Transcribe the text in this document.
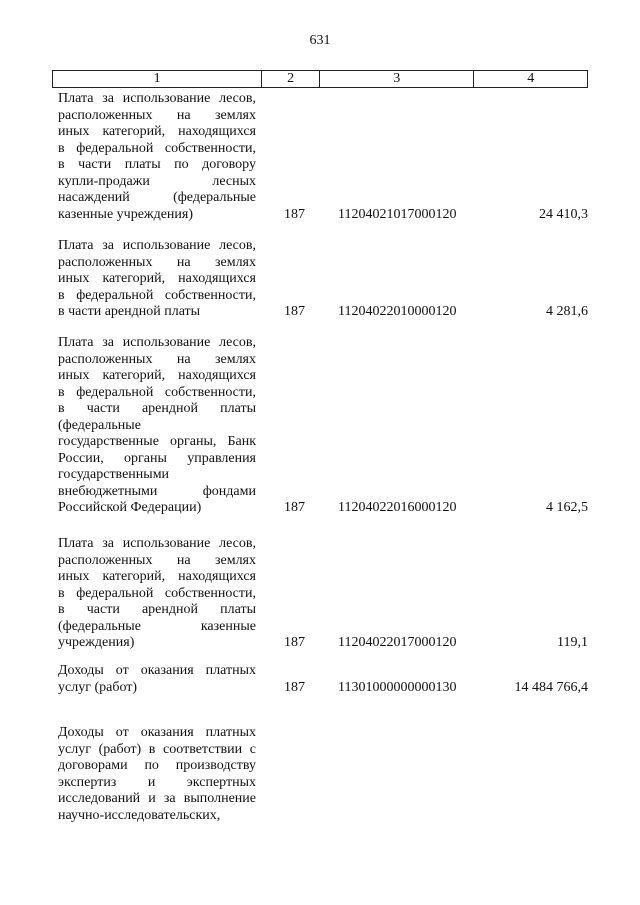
631
1	2	3	4
Плата за использование лесов,
расположенных на землях
иных категорий, находящихся
в федеральной собственности,
в части платы по договору
купли-продажи лесных
насаждений (федеральные
казенные учреждения)	187 11204021017000120	24 410,3
Плата за использование лесов,
расположенных на землях
иных категорий, находящихся
в федеральной собственности,
в части арендной платы	187 11204022010000120	4 281,6
Плата за использование лесов,
расположенных на землях
иных категорий, находящихся
в федеральной собственности,
в части арендной платы
(федеральные
государственные органы, Банк
России, органы управления
государственными
внебюджетными фондами
Российской Федерации)	187 11204022016000120	4 162,5
Плата за использование лесов,
расположенных на землях
иных категорий, находящихся
в федеральной собственности,
в части арендной платы
(федеральные казенные
учреждения)	187 11204022017000120	119,1
Доходы от оказания платных
услуг (работ)	187 11301000000000130	14 484 766,4
Доходы от оказания платных
услуг (работ) в соответствии с
договорами по производству
экспертиз и экспертных
исследований и за выполнение
научно-исследовательских,
